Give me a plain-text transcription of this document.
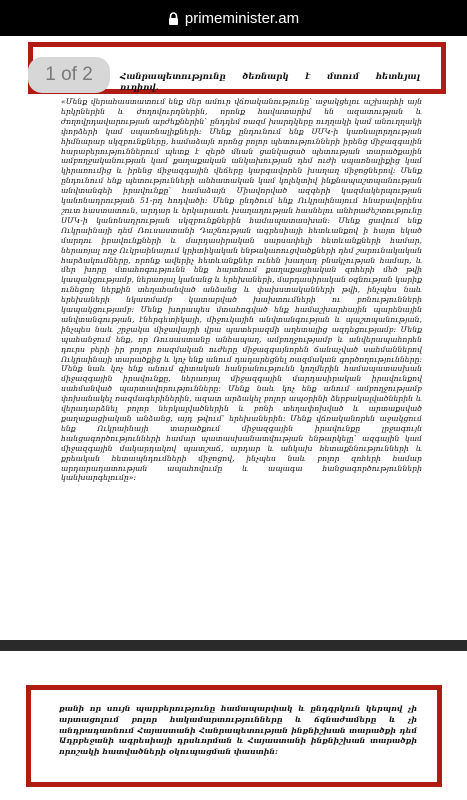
primeminister.am
1 of 2	Հանրապետությունը ծեռնարկ է մտում հետևյալ ուղիով.
«Մենք վերահաստատում ենք մեր ամուր վճռականությունը՝ աջակցելու աշխարհի այն երկրներին և ժողովուրդներին, որոնք հավատարիմ են ազատության և ժողովրդավարության արժեքներին՝ ընդդեմ ռազմ խարդկերը ուղղակի կամ անուղղակի փորձերի կամ սպառնալիքների: Մենք ընդունում ենք ՍՄԿ-ի կառնալորղության հիմնարար սկզբունքները, համաձայն որոնց բոլոր պետությունների իրենց միջազգային հարաբերություններում պետք է զերծ մնան ցանկացած պետության տարածքային ամբողջականության կամ քաղաքական անկախության դեմ ուժի սպառնալիքից կամ կիրառումից և իրենց միջազգային վեճերը կարգավորեն խաղաղ միջոցներով: Մենք ընդունում ենք պետությունների անհատական կամ կոլեկտիվ ինքնապաշտպանության անվտանգեի իրավունքը՝ համաձայն Միավորված ազգերի կազմակերպության կանոնադրության 51-րդ հոդվածի: Մենք ընդծում ենք Ուկրաինայում հնարավորինս շուտ հաստատուն, արդար և երկարատև խաղաղության հասնելու անհրաժեշտությունը ՍՄԿ-ի կանոնադրության սկզբունքներին համապատասխան: Մենք ցավում ենք Ուկրաինայի դեմ Ռուսաստանի Դաշնության ագրեսիայի հետևանքով ի հայտ եկած մարդու իրավունքների և մարդասիրական սարսափելի հետևանքների համար, ներառյալ ողջ Ուկրաինայում կրիտիկական ենթակառուցվածքների դեմ շարունակական հարձակումները, որոնք ավերիչ հետևանքներ ունեն խաղաղ բնակչության համար, և մեր խորը մտահոգությունն ենք հայտնում քաղաքացիական զոհերի մեծ թվի կապակցությամբ, ներառյալ կանանց և երեխաների, մարդասիրական օգնության կարիք ունեցող ներքին տեղահանված անձանց և փախստականների թվի, ինչպես նաև երեխաների նկատմամբ կատարված խախտումների ու բռնությունների կապակցությամբ: Մենք խորապես մտահոգված ենք համաշխարհային պարենային անվտանգության, էներգետիկայի, միջուկային անվտանգության և պաշտպանության, ինչպես նաև շրջակա միջավայրի վրա պատերազմի աղետալից ազդեցությամբ: Մենք պահանջում ենք, որ Ռուսաստանը անհապաղ, ամբողջությամբ և անվերապահորեն դուրս բերի իր բոլոր ռազմական ուժերը միջազգայնորեն ճանաչված սահմաններով Ուկրաինայի տարածքից և կոչ ենք անում դադարեցնել ռազմական գործողությունները: Մենք նաև կոչ ենք անում գիտական հանրանությունն կողմերին համապատասխան միջազգային իրավունքը, ներառյալ միջազգային մարդասիրական իրավունքով սահմանված պարտավորությունները: Մենք նաև կոչ ենք անում ամբողջությամբ փոխանակել ռազմագերիներին, ազատ արձակել բոլոր ապօրինի ձերբակալվածներին և վերադարձնել բոլոր ներկալվածներին և բռնի տեղափոխված և արտաքսված քաղաքացիական անձանց, այդ թվում՝ երեխաներին: Մենք վճռականորեն աջակցում ենք Ուկրաինայի տարածքում միջազգային իրավունքը լրջագույն հանցագործությունների համար պատասխանատվության ենթարկելը՝ ազգային կամ միջազգային մակարդակով պատշաճ, արդար և անկախ հետաքննությունների և քրեական հետապնդումների միջոցով, ինչպես նաև բոլոր զոհերի համար արդարադատության ապահովումը և ապագա հանցագործությունների կանխարգելումը»:
քանի որ սույն պարբերությունը համապարփակ և ընդգրկուն կերպով չի արտացոլում բոլոր հակամարտությունները և ճգնաժամերը և չի անդրադառնում Հայաստանի Հանրապետության ինքնիշխան տարածքի դեմ Ադրբեջանի ագրեսիայի դրսևորման և Հայաստանի ինքնիշխան տարածքի որոշակի հատվածների օկուպացման փաստին:
